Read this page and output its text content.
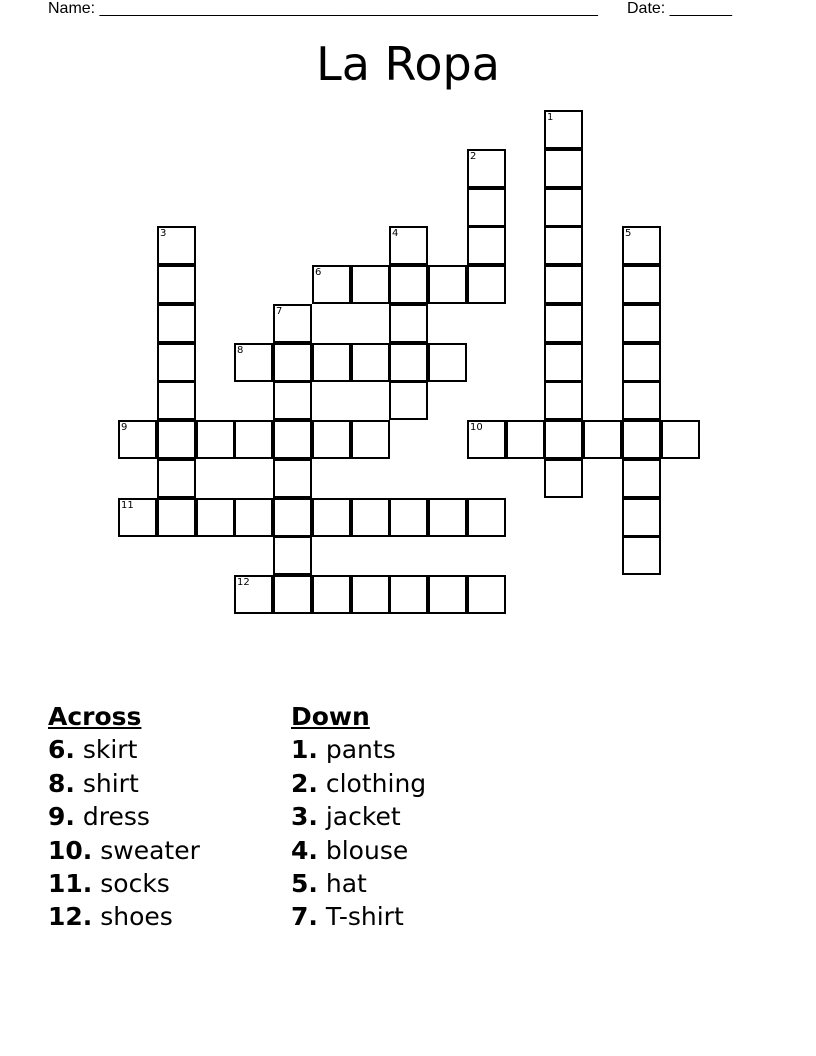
Name: ________________________________________________________ Date: _______
La Ropa
1
2
3	4	5
6
7
8
9	10
11
12
Across
6. skirt
8. shirt
9. dress
10. sweater
11. socks
12. shoes
Down
1. pants
2. clothing
3. jacket
4. blouse
5. hat
7. T-shirt
